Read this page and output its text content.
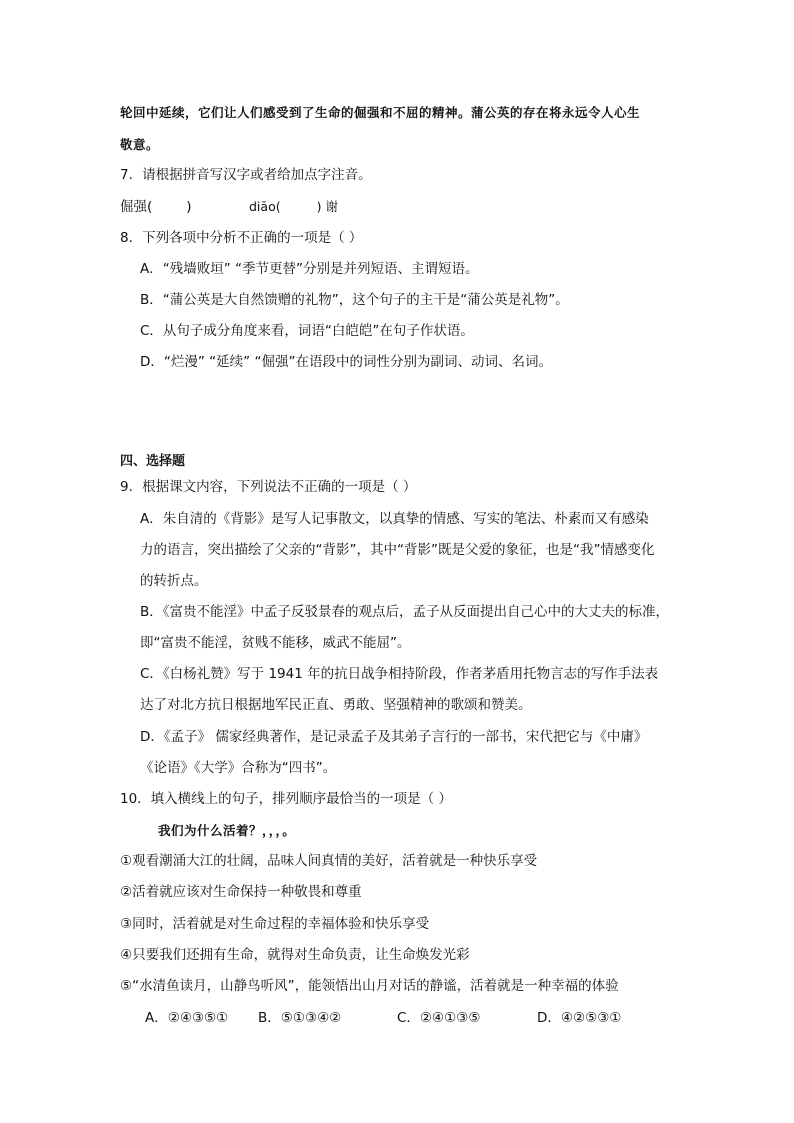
轮回中延续，它们让人们感受到了生命的倔强和不屈的精神。蒲公英的存在将永远令人心生
敬意。
7．请根据拼音写汉字或者给加点字注音。
倔强(	)	diāo(	) 谢
8．下列各项中分析不正确的一项是（ ）
A．“残墙败垣” “季节更替”分别是并列短语、主谓短语。
B．“蒲公英是大自然馈赠的礼物”，这个句子的主干是“蒲公英是礼物”。
C．从句子成分角度来看，词语“白皑皑”在句子作状语。
D．“烂漫” “延续” “倔强”在语段中的词性分别为副词、动词、名词。
四、选择题
9．根据课文内容，下列说法不正确的一项是（ ）
A．朱自清的《背影》是写人记事散文，以真挚的情感、写实的笔法、朴素而又有感染
力的语言，突出描绘了父亲的“背影”，其中“背影”既是父爱的象征，也是“我”情感变化
的转折点。
B．《富贵不能淫》中孟子反驳景春的观点后，孟子从反面提出自己心中的大丈夫的标准，
即“富贵不能淫，贫贱不能移，威武不能屈”。
C．《白杨礼赞》写于 1941 年的抗日战争相持阶段，作者茅盾用托物言志的写作手法表
达了对北方抗日根据地军民正直、勇敢、坚强精神的歌颂和赞美。
D．《孟子》 儒家经典著作，是记录孟子及其弟子言行的一部书，宋代把它与《中庸》
《论语》《大学》合称为“四书”。
10．填入横线上的句子，排列顺序最恰当的一项是（ ）
我们为什么活着？，，，。
①观看潮涌大江的壮阔，品味人间真情的美好，活着就是一种快乐享受
②活着就应该对生命保持一种敬畏和尊重
③同时，活着就是对生命过程的幸福体验和快乐享受
④只要我们还拥有生命，就得对生命负责，让生命焕发光彩
⑤“水清鱼读月，山静鸟听风”，能领悟出山月对话的静谧，活着就是一种幸福的体验
A．②④③⑤① B．⑤①③④②	C．②④①③⑤	D．④②⑤③①
